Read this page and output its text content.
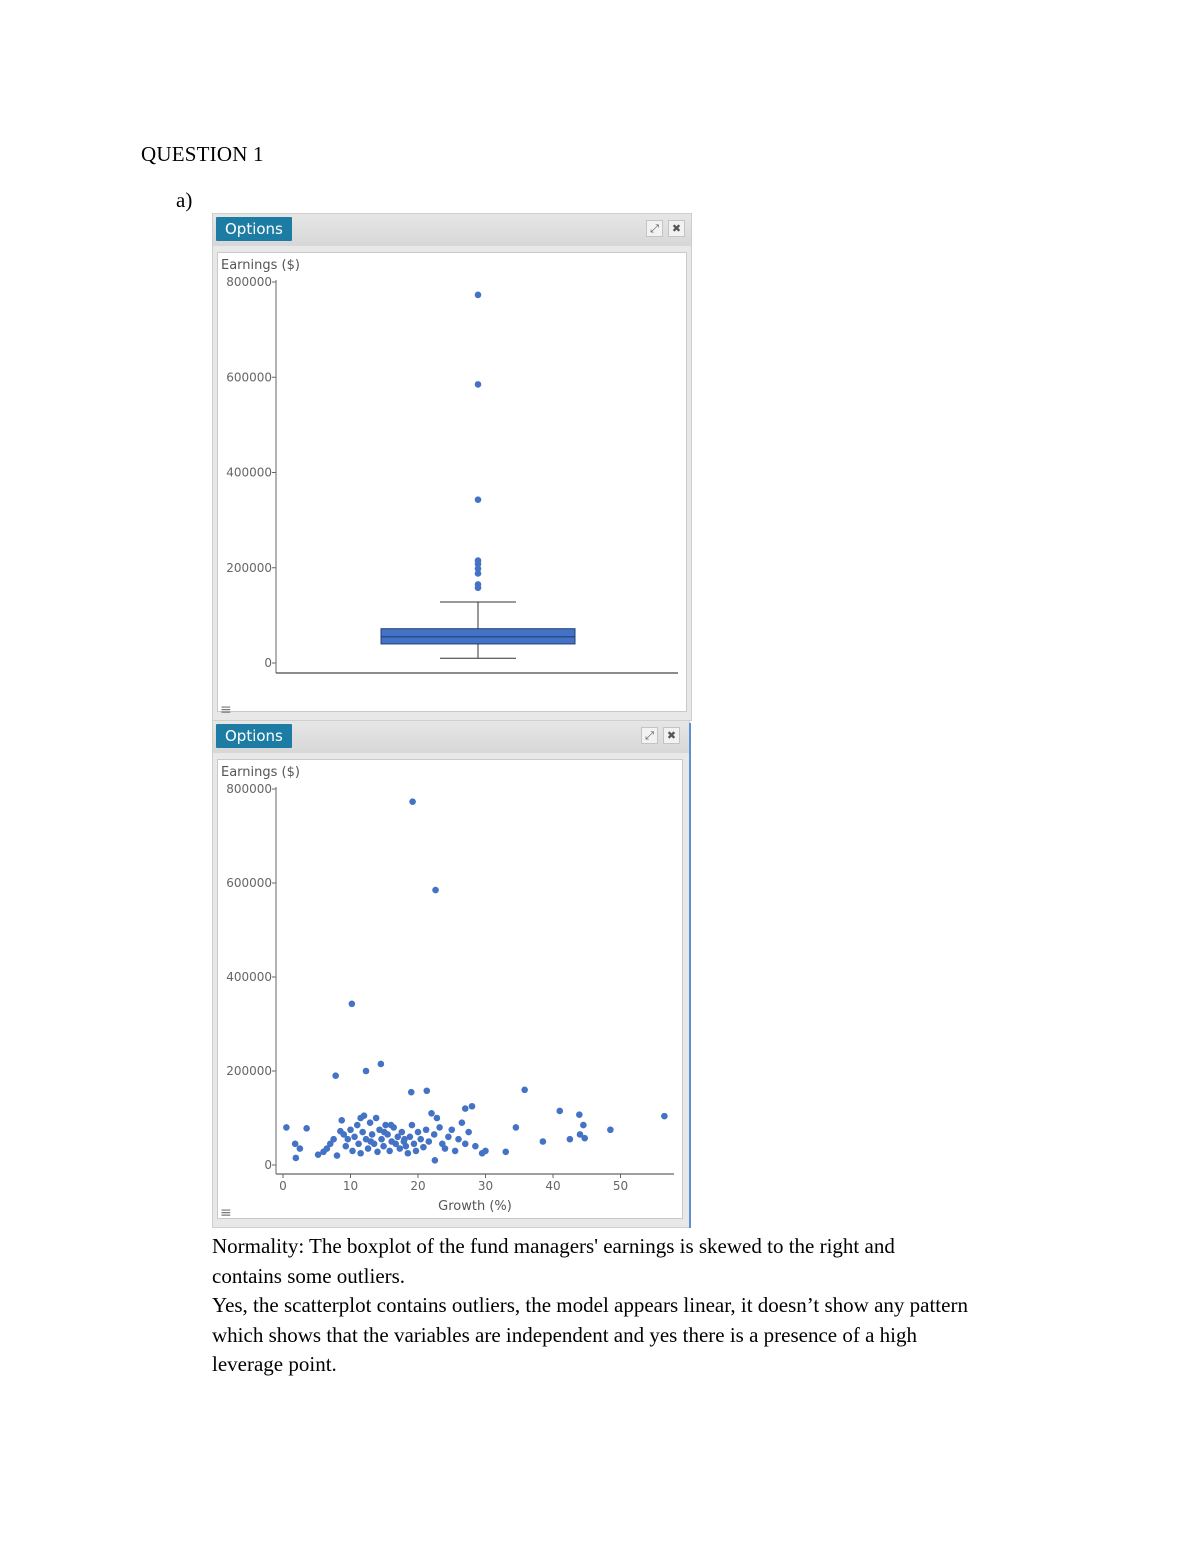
QUESTION 1
a)
Options	⤢	✖
Earnings ($)
0
200000
400000
600000
800000
≡
Options	⤢	✖
Earnings ($)
0
200000
400000
600000
800000
0	10	20	30	40	50
Growth (%)
≡

Normality: The boxplot of the fund managers' earnings is skewed to the right and

contains some outliers.

Yes, the scatterplot contains outliers, the model appears linear, it doesn’t show any pattern

which shows that the variables are independent and yes there is a presence of a high

leverage point.
